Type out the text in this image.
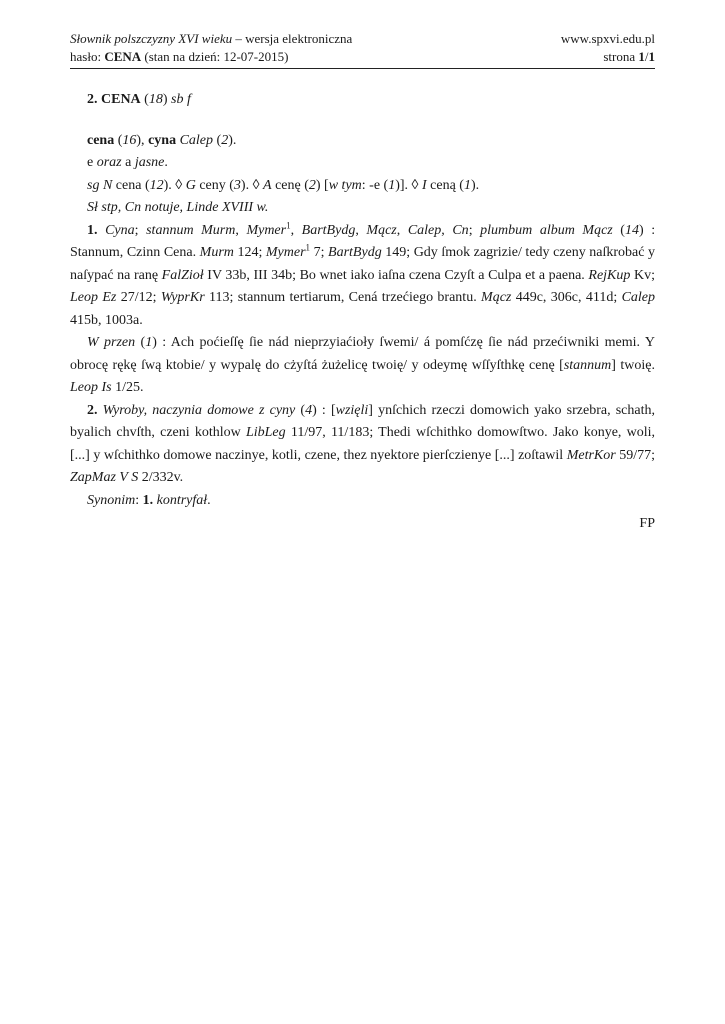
Słownik polszczyzny XVI wieku – wersja elektroniczna	www.spxvi.edu.pl
hasło: CENA (stan na dzień: 12-07-2015)	strona 1/1
2. CENA (18) sb f
cena (16), cyna Calep (2).
e oraz a jasne.
sg N cena (12). ◊ G ceny (3). ◊ A cenę (2) [w tym: -e (1)]. ◊ I ceną (1).
Sł stp, Cn notuje, Linde XVIII w.
1. Cyna; stannum Murm, Mymer$^1$, BartBydg, Mącz, Calep, Cn; plumbum album Mącz (14) : Stannum, Czinn Cena. Murm 124; Mymer$^1$ 7; BartBydg 149; Gdy ſmok zagrizie/ tedy czeny naſkrobać y naſypać na ranę FalZioł IV 33b, III 34b; Bo wnet iako iaſna czena Czyſt a Culpa et a paena. RejKup Kv; Leop Ez 27/12; WyprKr 113; stannum tertiarum, Cená trzećiego brantu. Mącz 449c, 306c, 411d; Calep 415b, 1003a.
W przen (1) : Ach poćieſſę ſie nád nieprzyiaćioły ſwemi/ á pomſćzę ſie nád przećiwniki memi. Y obrocę rękę ſwą ktobie/ y wypalę do cżyſtá żużelicę twoię/ y odeymę wſſyſthkę cenę [stannum] twoię. Leop Is 1/25.
2. Wyroby, naczynia domowe z cyny (4) : [wzięli] ynſchich rzeczi domowich yako srzebra, schath, byalich chvſth, czeni kothlow LibLeg 11/97, 11/183; Thedi wſchithko domowſtwo. Jako konye, woli, [...] y wſchithko domowe naczinye, kotli, czene, thez nyektore pierſczienye [...] zoſtawil MetrKor 59/77; ZapMaz V S 2/332v.
Synonim: 1. kontryfał.
FP
